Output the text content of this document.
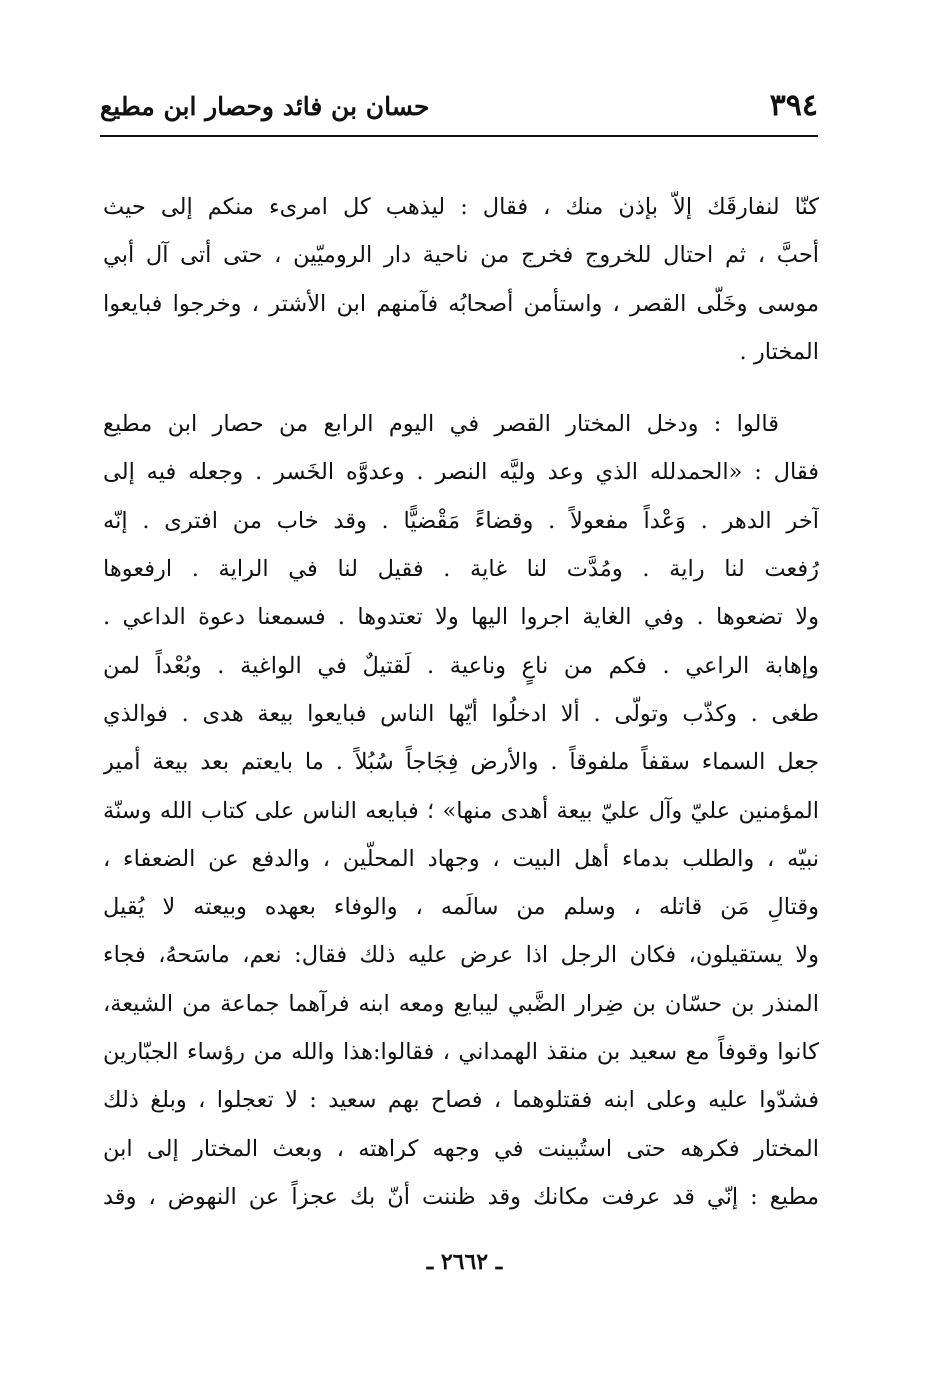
٣٩٤
حسان بن فائد وحصار ابن مطيع
كنّا لنفارقَك إلاّ بإذن منك ، فقال : ليذهب كل امرىء منكم إلى حيث
أحبَّ ، ثم احتال للخروج فخرج من ناحية دار الروميّين ، حتى أتى آل أبي
موسى وخَلّى القصر ، واستأمن أصحابُه فآمنهم ابن الأشتر ، وخرجوا فبايعوا
المختار .
قالوا : ودخل المختار القصر في اليوم الرابع من حصار ابن مطيع
فقال : «الحمدلله الذي وعد وليَّه النصر . وعدوَّه الخَسر . وجعله فيه إلى
آخر الدهر . وَعْداً مفعولاً . وقضاءً مَقْضيًّا . وقد خاب من افترى . إنّه
رُفعت لنا راية . ومُدَّت لنا غاية . فقيل لنا في الراية . ارفعوها
ولا تضعوها . وفي الغاية اجروا اليها ولا تعتدوها . فسمعنا دعوة الداعي .
وإهابة الراعي . فكم من ناعٍ وناعية . لَقتيلٌ في الواغية . وبُعْداً لمن
طغى . وكذّب وتولّى . ألا ادخلُوا أيّها الناس فبايعوا بيعة هدى . فوالذي
جعل السماء سقفاً ملفوقاً . والأرض فِجَاجاً سُبُلاً . ما بايعتم بعد بيعة أمير
المؤمنين عليّ وآل عليّ بيعة أهدى منها» ؛ فبايعه الناس على كتاب الله وسنّة
نبيّه ، والطلب بدماء أهل البيت ، وجهاد المحلّين ، والدفع عن الضعفاء ،
وقتالِ مَن قاتله ، وسلم من سالَمه ، والوفاء بعهده وبيعته لا يُقيل
ولا يستقيلون، فكان الرجل اذا عرض عليه ذلك فقال: نعم، ماسَحهُ، فجاء
المنذر بن حسّان بن ضِرار الضَّبي ليبايع ومعه ابنه فرآهما جماعة من الشيعة،
كانوا وقوفاً مع سعيد بن منقذ الهمداني ، فقالوا:هذا والله من رؤساء الجبّارين
فشدّوا عليه وعلى ابنه فقتلوهما ، فصاح بهم سعيد : لا تعجلوا ، وبلغ ذلك
المختار فكرهه حتى استُبينت في وجهه كراهته ، وبعث المختار إلى ابن
مطيع : إنّي قد عرفت مكانك وقد ظننت أنّ بك عجزاً عن النهوض ، وقد
ـ ٢٦٦٢ ـ
